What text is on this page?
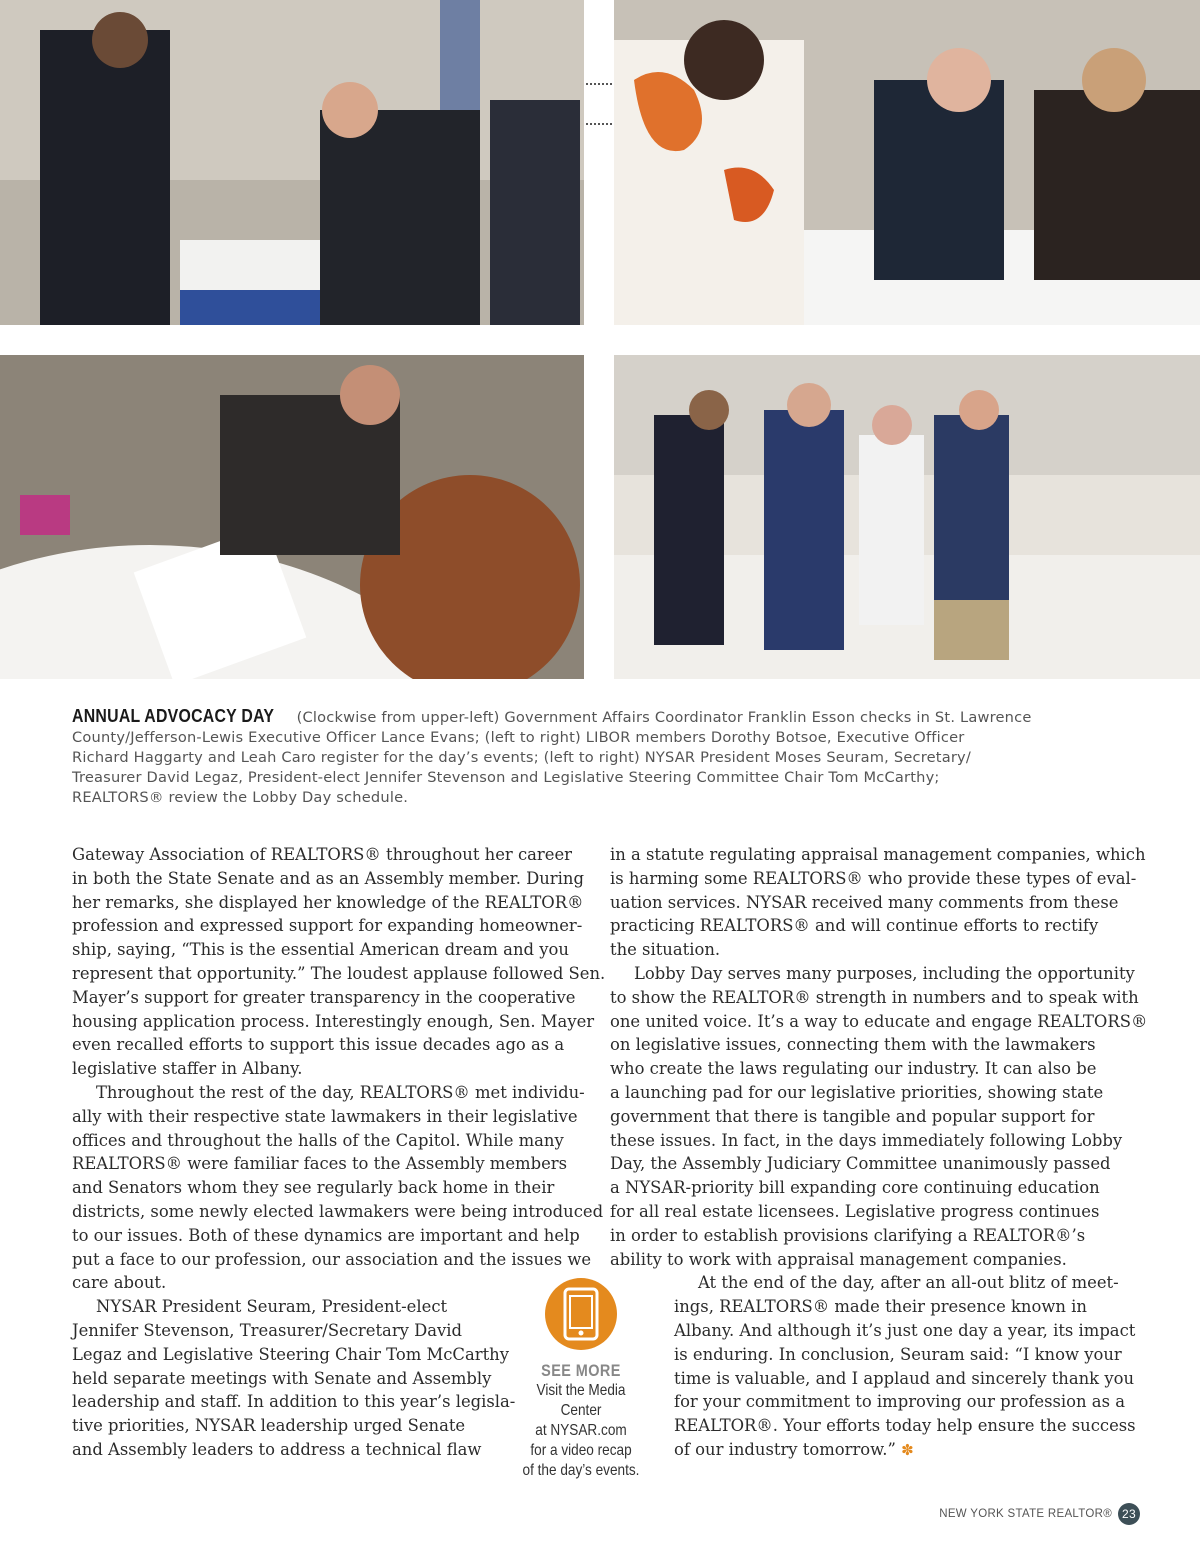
ANNUAL ADVOCACY DAY (Clockwise from upper-left) Government Affairs Coordinator Franklin Esson checks in St. Lawrence
County/Jefferson-Lewis Executive Officer Lance Evans; (left to right) LIBOR members Dorothy Botsoe, Executive Officer
Richard Haggarty and Leah Caro register for the day’s events; (left to right) NYSAR President Moses Seuram, Secretary/
Treasurer David Legaz, President-elect Jennifer Stevenson and Legislative Steering Committee Chair Tom McCarthy;
REALTORS® review the Lobby Day schedule.

Gateway Association of REALTORS® throughout her career
in both the State Senate and as an Assembly member. During
her remarks, she displayed her knowledge of the REALTOR®
profession and expressed support for expanding homeowner-
ship, saying, “This is the essential American dream and you
represent that opportunity.” The loudest applause followed Sen.
Mayer’s support for greater transparency in the cooperative
housing application process. Interestingly enough, Sen. Mayer
even recalled efforts to support this issue decades ago as a
legislative staffer in Albany.

Throughout the rest of the day, REALTORS® met individu-
ally with their respective state lawmakers in their legislative
offices and throughout the halls of the Capitol. While many
REALTORS® were familiar faces to the Assembly members
and Senators whom they see regularly back home in their
districts, some newly elected lawmakers were being introduced
to our issues. Both of these dynamics are important and help
put a face to our profession, our association and the issues we
care about.

NYSAR President Seuram, President-elect
Jennifer Stevenson, Treasurer/Secretary David
Legaz and Legislative Steering Chair Tom McCarthy
held separate meetings with Senate and Assembly
leadership and staff. In addition to this year’s legisla-
tive priorities, NYSAR leadership urged Senate
and Assembly leaders to address a technical flaw

in a statute regulating appraisal management companies, which
is harming some REALTORS® who provide these types of eval-
uation services. NYSAR received many comments from these
practicing REALTORS® and will continue efforts to rectify
the situation.

Lobby Day serves many purposes, including the opportunity
to show the REALTOR® strength in numbers and to speak with
one united voice. It’s a way to educate and engage REALTORS®
on legislative issues, connecting them with the lawmakers
who create the laws regulating our industry. It can also be
a launching pad for our legislative priorities, showing state
government that there is tangible and popular support for
these issues. In fact, in the days immediately following Lobby
Day, the Assembly Judiciary Committee unanimously passed
a NYSAR-priority bill expanding core continuing education
for all real estate licensees. Legislative progress continues
in order to establish provisions clarifying a REALTOR®’s
ability to work with appraisal management companies.

At the end of the day, after an all-out blitz of meet-
ings, REALTORS® made their presence known in
Albany. And although it’s just one day a year, its impact
is enduring. In conclusion, Seuram said: “I know your
time is valuable, and I applaud and sincerely thank you
for your commitment to improving our profession as a
REALTOR®. Your efforts today help ensure the success
of our industry tomorrow.” ✽

SEE MORE
Visit the Media Center
at NYSAR.com
for a video recap
of the day’s events.
NEW YORK STATE REALTOR® 23
